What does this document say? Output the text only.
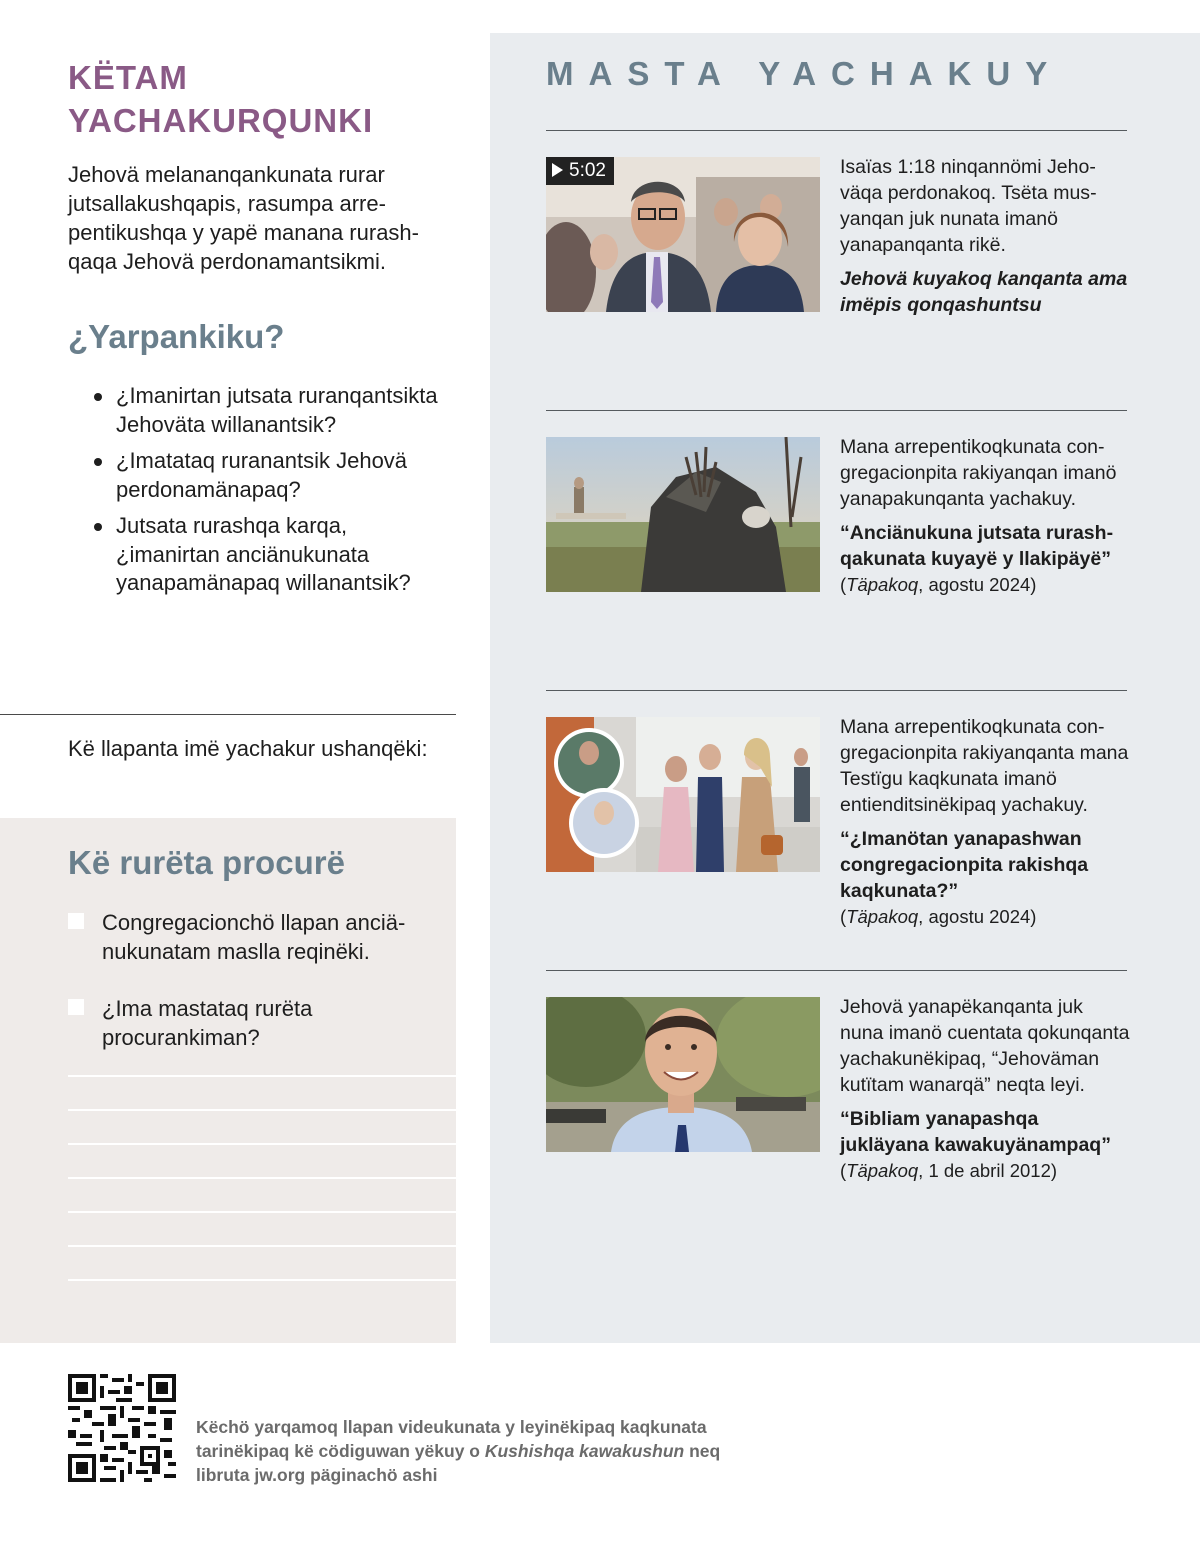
KËTAM
YACHAKURQUNKI

Jehovä melananqankunata rurar jutsallakushqapis, rasumpa arrepentikushqa y yapë manana rurashqaqa Jehovä perdonamantsikmi.

¿Yarpankiku?
¿Imanirtan jutsata ruranqantsikta Jehoväta willanantsik?
¿Imatataq ruranantsik Jehovä perdonamänapaq?
Jutsata rurashqa karqa, ¿imanirtan anciänukunata yanapamänapaq willanantsik?

Kë llapanta imë yachakur ushanqëki:

Kë rurëta procurë
Congregacionchö llapan anciänukunatam maslla reqinëki.
¿Ima mastataq rurëta procurankiman?
MASTA YACHAKUY
5:02	Isaïas 1:18 ninqannömi Jehoväqa perdonakoq. Tsëta musyanqan juk nunata imanö yanapanqanta rikë.

Jehovä kuyakoq kanqanta ama imëpis qonqashuntsu

Mana arrepentikoqkunata congregacionpita rakiyanqan imanö yanapakunqanta yachakuy.

“Anciänukuna jutsata rurashqakunata kuyayë y llakipäyë”

(Täpakoq, agostu 2024)

Mana arrepentikoqkunata congregacionpita rakiyanqanta mana Testïgu kaqkunata imanö entienditsinëkipaq yachakuy.

“¿Imanötan yanapashwan congregacionpita rakishqa kaqkunata?”

(Täpakoq, agostu 2024)

Jehovä yanapëkanqanta juk nuna imanö cuentata qokunqanta yachakunëkipaq, “Jehoväman kutïtam wanarqä” neqta leyi.

“Bibliam yanapashqa jukläyana kawakuyänampaq”

(Täpakoq, 1 de abril 2012)

Këchö yarqamoq llapan videukunata y leyinëkipaq kaqkunata tarinëkipaq kë cödiguwan yëkuy o Kushishqa kawakushun neq libruta jw.org päginachö ashi
